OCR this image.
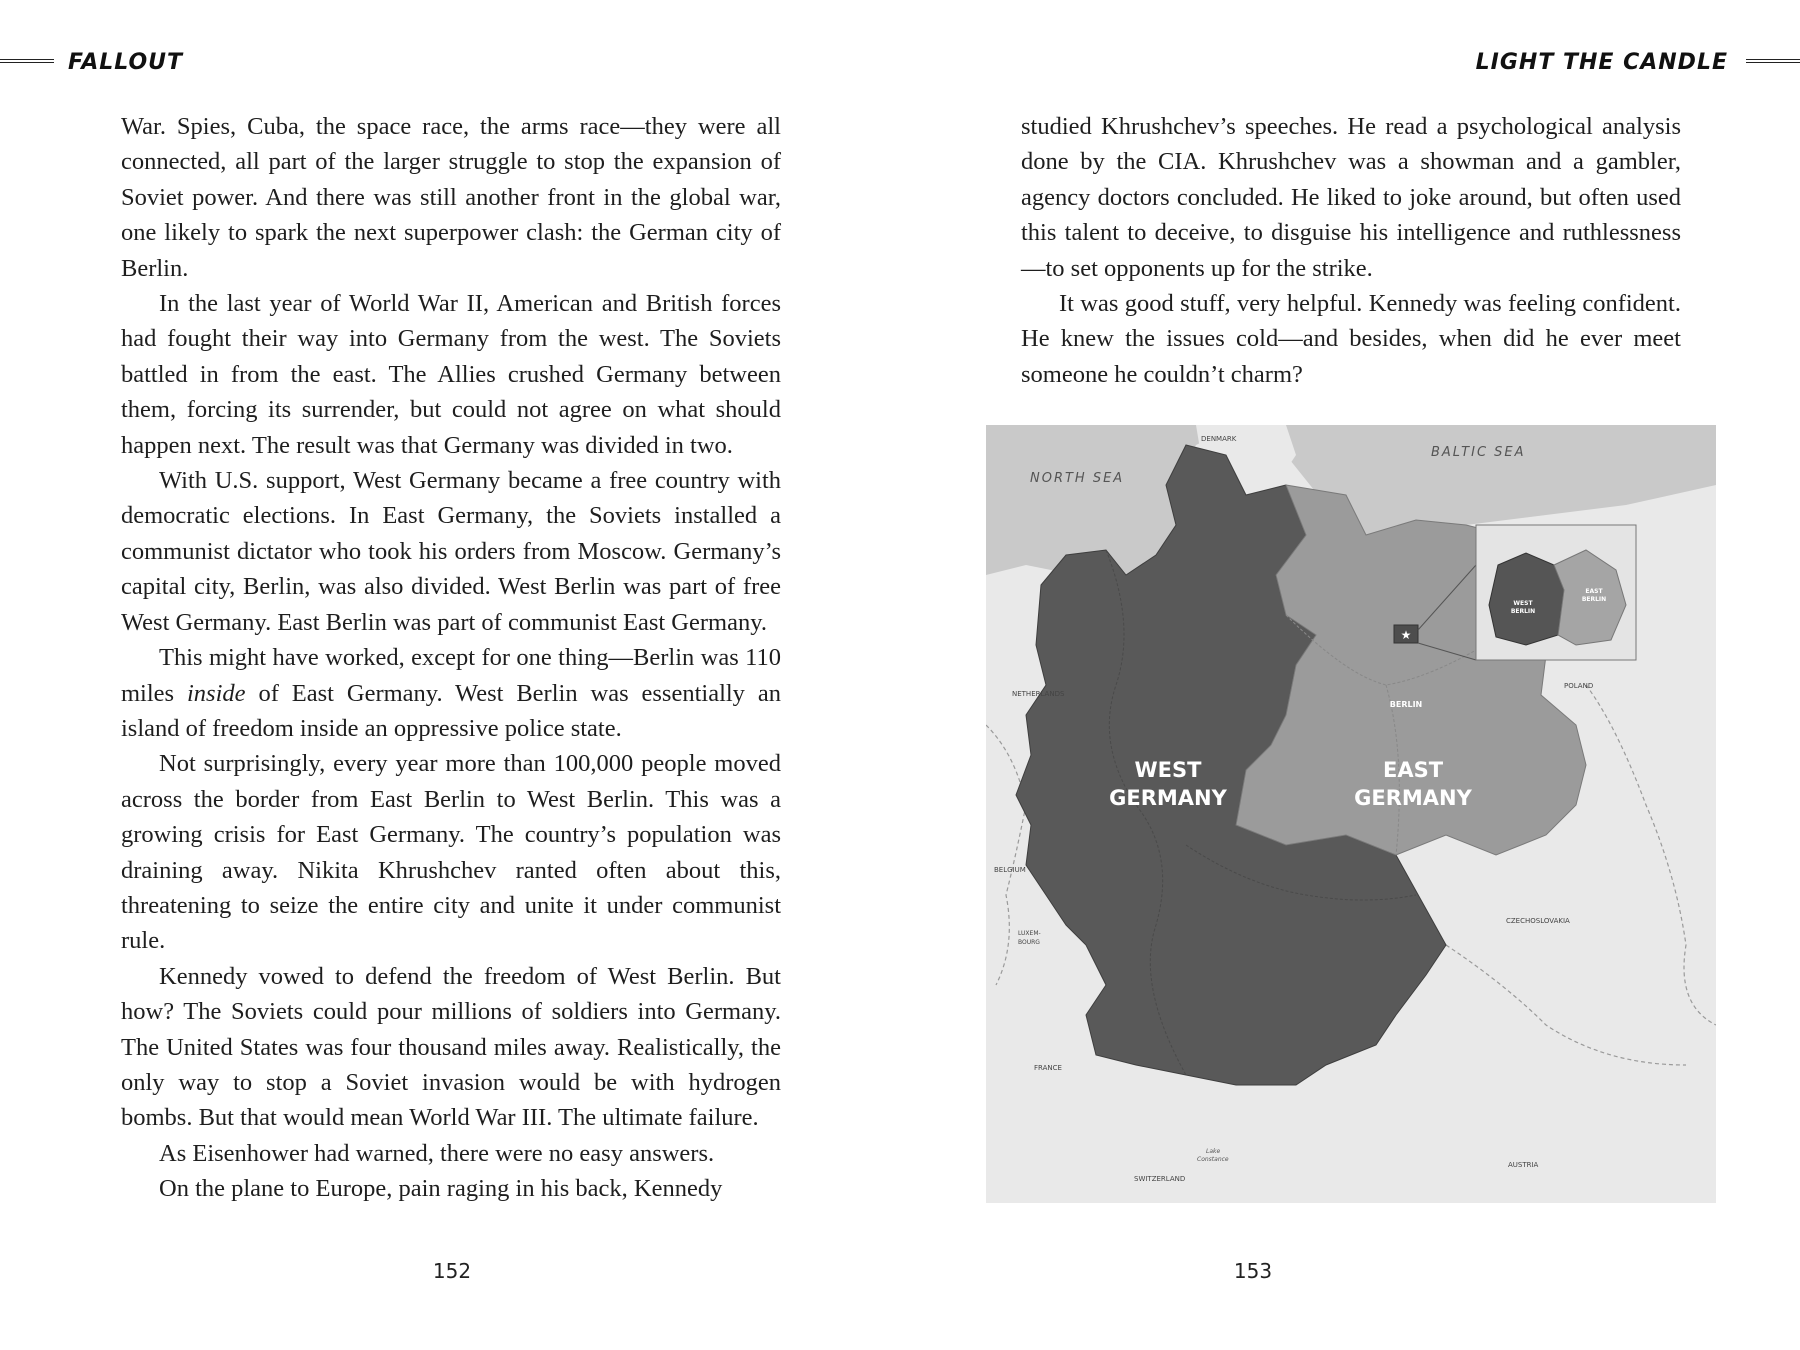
FALLOUT

War. Spies, Cuba, the space race, the arms race—they were all connected, all part of the larger struggle to stop the expansion of Soviet power. And there was still another front in the global war, one likely to spark the next superpower clash: the German city of Berlin.

In the last year of World War II, American and British forces had fought their way into Germany from the west. The Soviets battled in from the east. The Allies crushed Germany between them, forcing its surrender, but could not agree on what should happen next. The result was that Germany was divided in two.

With U.S. support, West Germany became a free country with democratic elections. In East Germany, the Soviets installed a communist dictator who took his orders from Moscow. Germany’s capital city, Berlin, was also divided. West Berlin was part of free West Germany. East Berlin was part of communist East Germany.

This might have worked, except for one thing—Berlin was 110 miles inside of East Germany. West Berlin was essentially an island of freedom inside an oppressive police state.

Not surprisingly, every year more than 100,000 people moved across the border from East Berlin to West Berlin. This was a growing crisis for East Germany. The country’s population was draining away. Nikita Khrushchev ranted often about this, threatening to seize the entire city and unite it under communist rule.

Kennedy vowed to defend the freedom of West Berlin. But how? The Soviets could pour millions of soldiers into Germany. The United States was four thousand miles away. Realistically, the only way to stop a Soviet invasion would be with hydrogen bombs. But that would mean World War III. The ultimate failure.

As Eisenhower had warned, there were no easy answers.

On the plane to Europe, pain raging in his back, Kennedy

152
LIGHT THE CANDLE

studied Khrushchev’s speeches. He read a psychological analysis done by the CIA. Khrushchev was a showman and a gambler, agency doctors concluded. He liked to joke around, but often used this talent to deceive, to disguise his intelligence and ruthlessness—to set opponents up for the strike.

It was good stuff, very helpful. Kennedy was feeling confident. He knew the issues cold—and besides, when did he ever meet someone he couldn’t charm?

★
NORTH SEA
BALTIC SEA
DENMARK
NETHERLANDS
BELGIUM
LUXEM-
BOURG
FRANCE
SWITZERLAND
AUSTRIA
CZECHOSLOVAKIA
POLAND
Lake
Constance
WEST
GERMANY
EAST
GERMANY
BERLIN
WEST
BERLIN
EAST
BERLIN
153
